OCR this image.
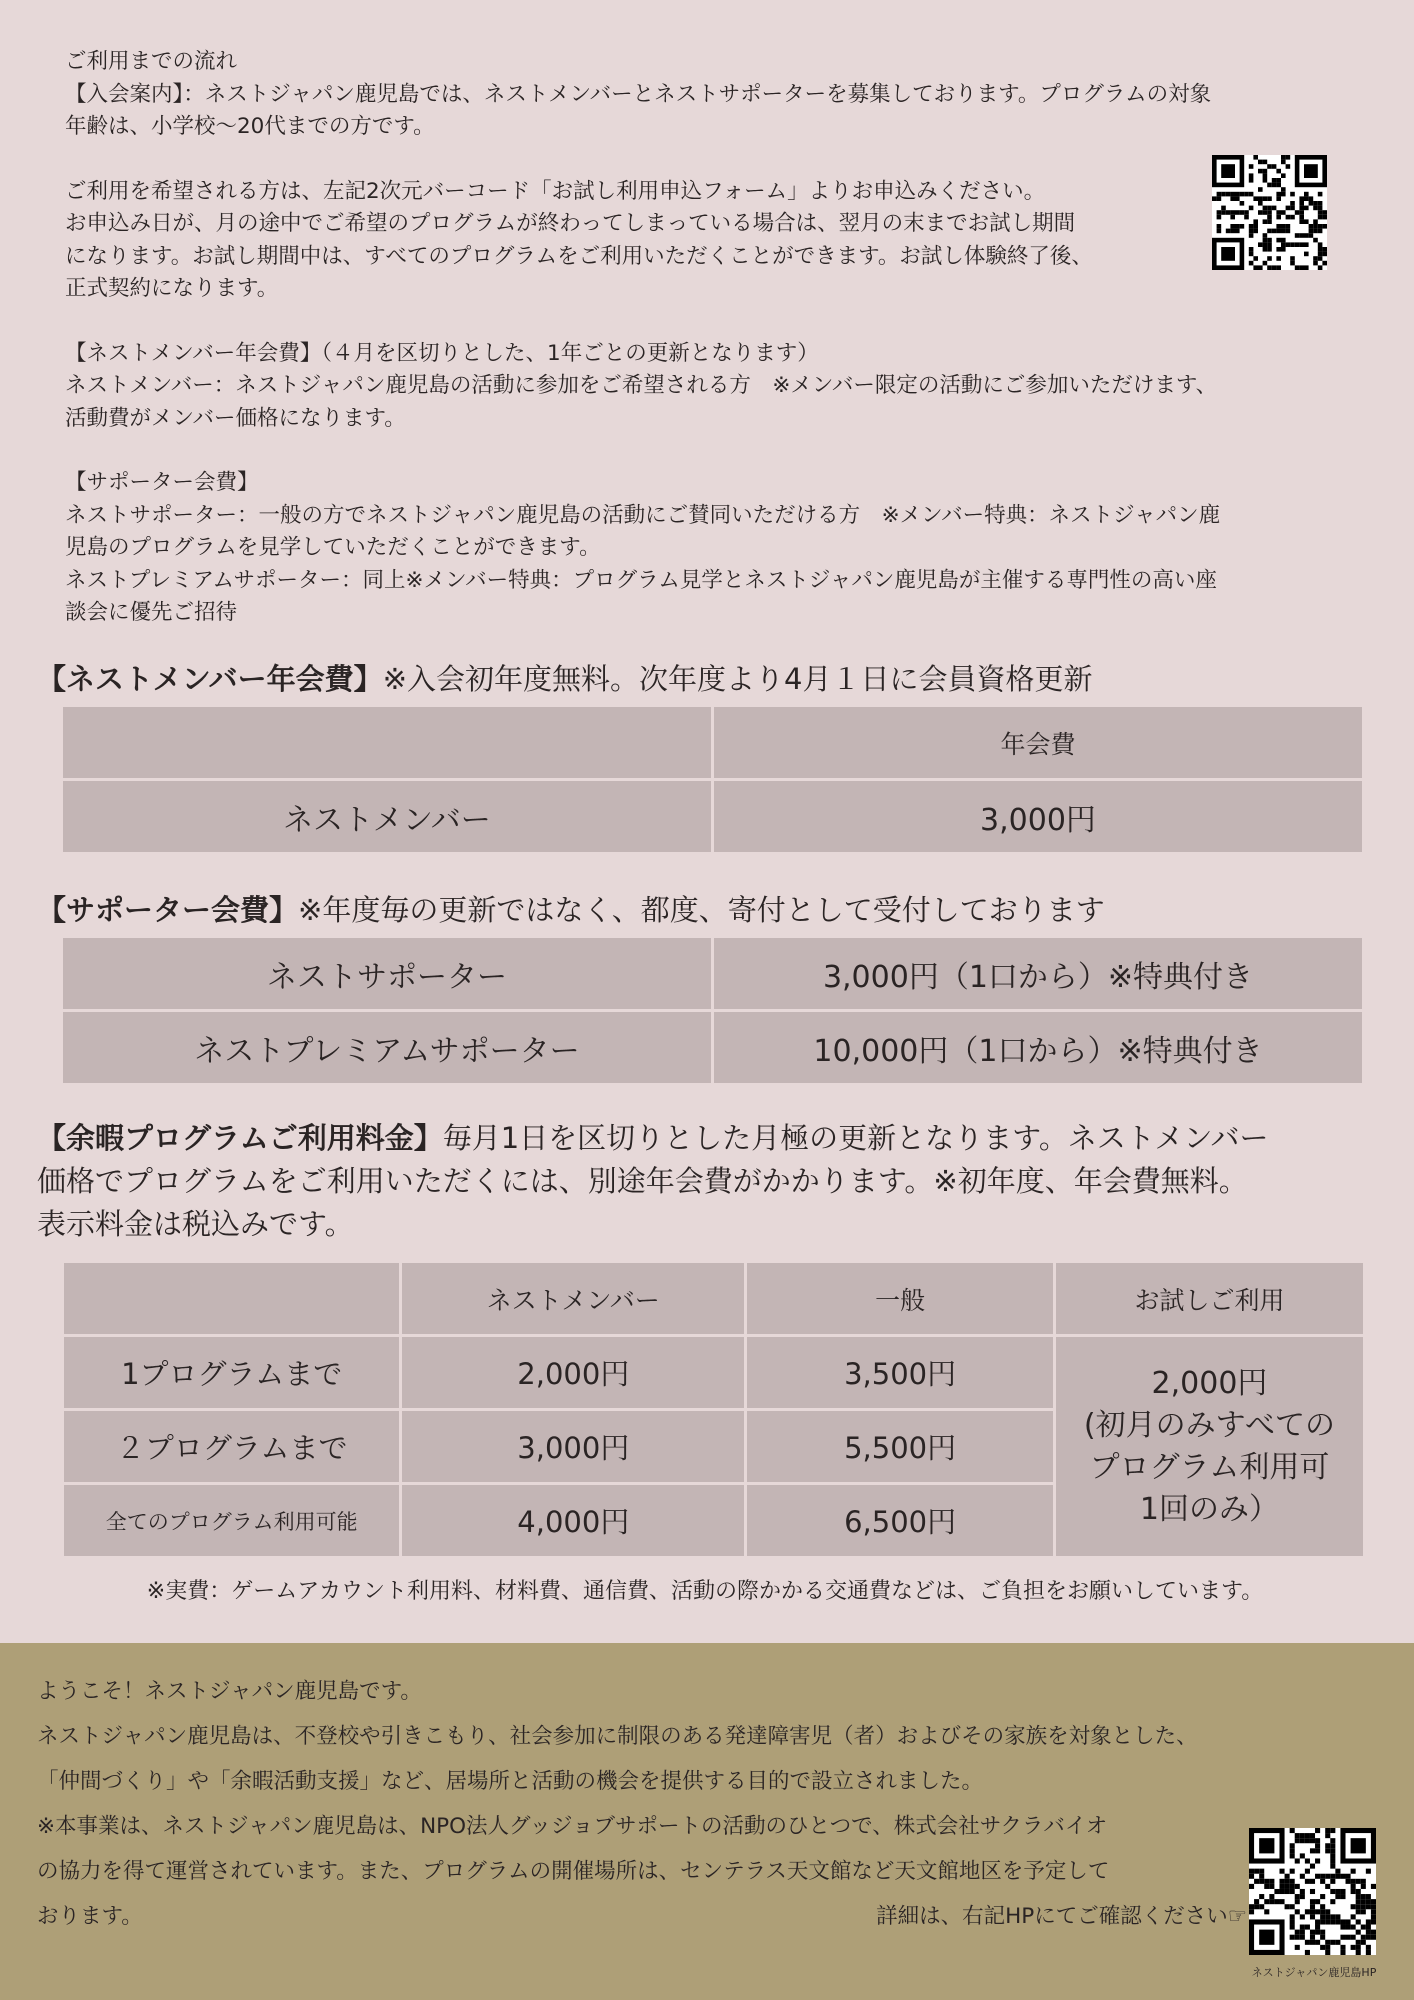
ご利用までの流れ

【入会案内】：ネストジャパン鹿児島では、ネストメンバーとネストサポーターを募集しております。プログラムの対象

年齢は、小学校～20代までの方です。

ご利用を希望される方は、左記2次元バーコード「お試し利用申込フォーム」よりお申込みください。

お申込み日が、月の途中でご希望のプログラムが終わってしまっている場合は、翌月の末までお試し期間

になります。お試し期間中は、すべてのプログラムをご利用いただくことができます。お試し体験終了後、

正式契約になります。

【ネストメンバー年会費】（４月を区切りとした、1年ごとの更新となります）

ネストメンバー：ネストジャパン鹿児島の活動に参加をご希望される方　※メンバー限定の活動にご参加いただけます、

活動費がメンバー価格になります。

【サポーター会費】

ネストサポーター：一般の方でネストジャパン鹿児島の活動にご賛同いただける方　※メンバー特典：ネストジャパン鹿

児島のプログラムを見学していただくことができます。

ネストプレミアムサポーター：同上※メンバー特典：プログラム見学とネストジャパン鹿児島が主催する専門性の高い座

談会に優先ご招待

【ネストメンバー年会費】※入会初年度無料。次年度より4月１日に会員資格更新
	年会費
ネストメンバー	3,000円
【サポーター会費】※年度毎の更新ではなく、都度、寄付として受付しております
ネストサポーター	3,000円（1口から）※特典付き
ネストプレミアムサポーター	10,000円（1口から）※特典付き
【余暇プログラムご利用料金】毎月1日を区切りとした月極の更新となります。ネストメンバー
価格でプログラムをご利用いただくには、別途年会費がかかります。※初年度、年会費無料。
表示料金は税込みです。
	ネストメンバー	一般	お試しご利用
1プログラムまで	2,000円	3,500円	2,000円
(初月のみすべての
プログラム利用可
1回のみ）

２プログラムまで	3,000円	5,500円	
全てのプログラム利用可能	4,000円	6,500円	
※実費：ゲームアカウント利用料、材料費、通信費、活動の際かかる交通費などは、ご負担をお願いしています。

ようこそ！ネストジャパン鹿児島です。

ネストジャパン鹿児島は、不登校や引きこもり、社会参加に制限のある発達障害児（者）およびその家族を対象とした、

「仲間づくり」や「余暇活動支援」など、居場所と活動の機会を提供する目的で設立されました。

※本事業は、ネストジャパン鹿児島は、NPO法人グッジョブサポートの活動のひとつで、株式会社サクラバイオ

の協力を得て運営されています。また、プログラムの開催場所は、センテラス天文館など天文館地区を予定して

おります。	詳細は、右記HPにてご確認ください☞

ネストジャパン鹿児島HP
